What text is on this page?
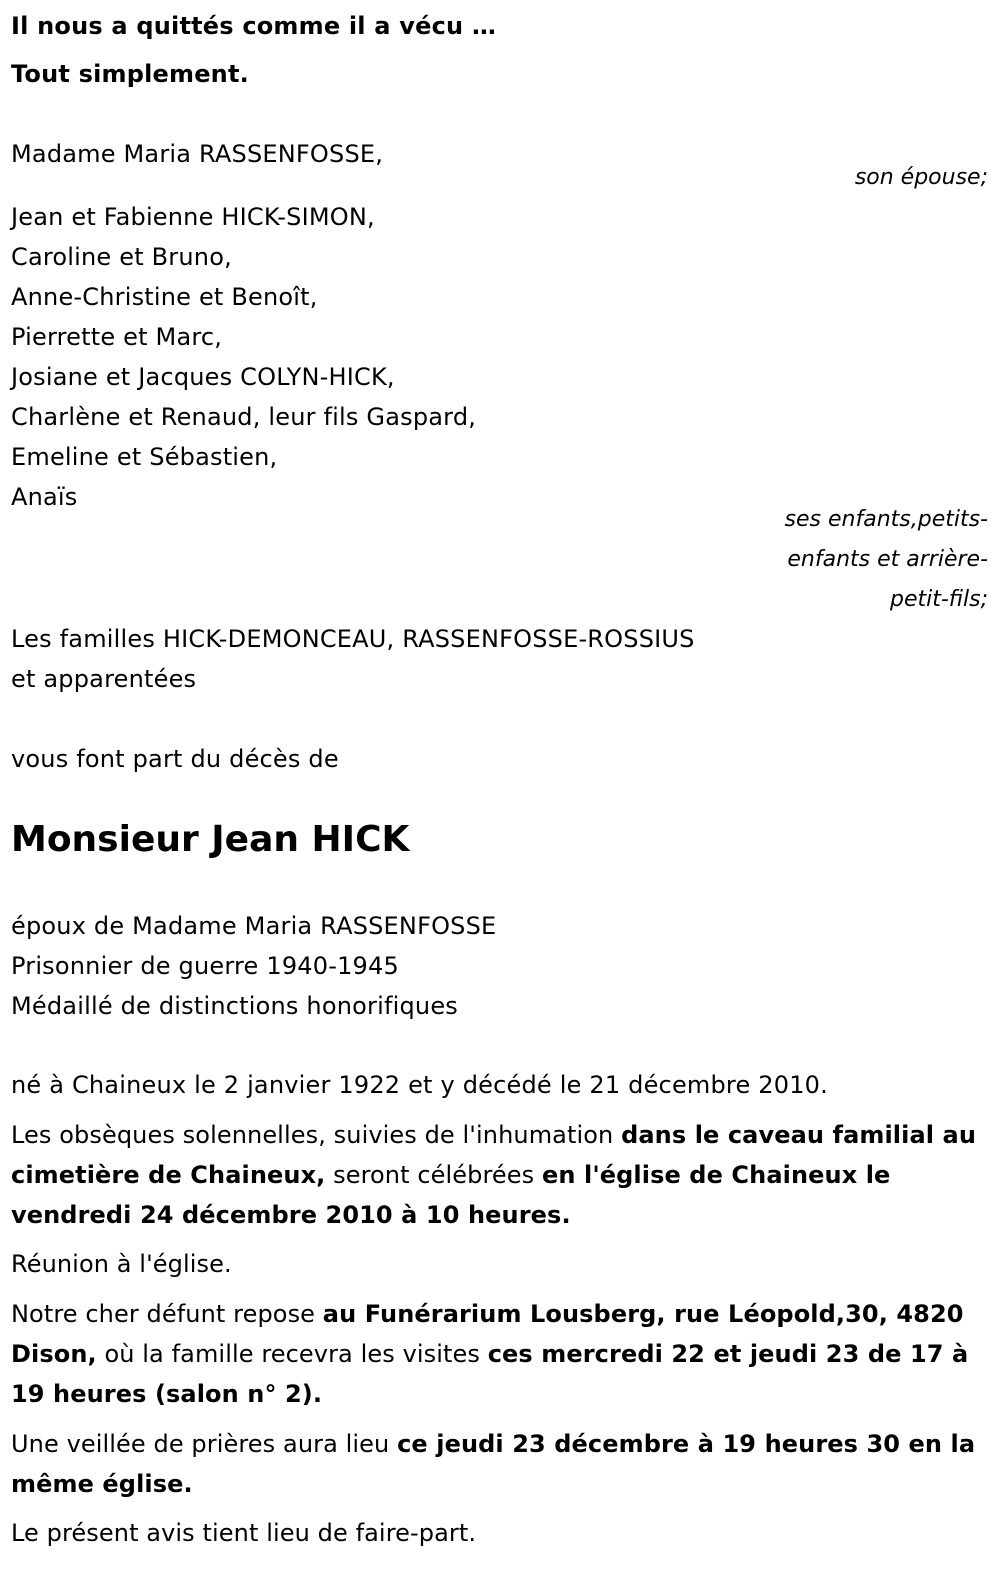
Il nous a quittés comme il a vécu …
Tout simplement.
Madame Maria RASSENFOSSE,
son épouse;
Jean et Fabienne HICK-SIMON,
Caroline et Bruno,
Anne-Christine et Benoît,
Pierrette et Marc,
Josiane et Jacques COLYN-HICK,
Charlène et Renaud, leur fils Gaspard,
Emeline et Sébastien,
Anaïs
ses enfants,petits-
enfants et arrière-
petit-fils;
Les familles HICK-DEMONCEAU, RASSENFOSSE-ROSSIUS
et apparentées
vous font part du décès de
Monsieur Jean HICK
époux de Madame Maria RASSENFOSSE
Prisonnier de guerre 1940-1945
Médaillé de distinctions honorifiques
né à Chaineux le 2 janvier 1922 et y décédé le 21 décembre 2010.
Les obsèques solennelles, suivies de l'inhumation dans le caveau familial au cimetière de Chaineux, seront célébrées en l'église de Chaineux le vendredi 24 décembre 2010 à 10 heures.
Réunion à l'église.
Notre cher défunt repose au Funérarium Lousberg, rue Léopold,30, 4820 Dison, où la famille recevra les visites ces mercredi 22 et jeudi 23 de 17 à 19 heures (salon n° 2).
Une veillée de prières aura lieu ce jeudi 23 décembre à 19 heures 30 en la même église.
Le présent avis tient lieu de faire-part.
